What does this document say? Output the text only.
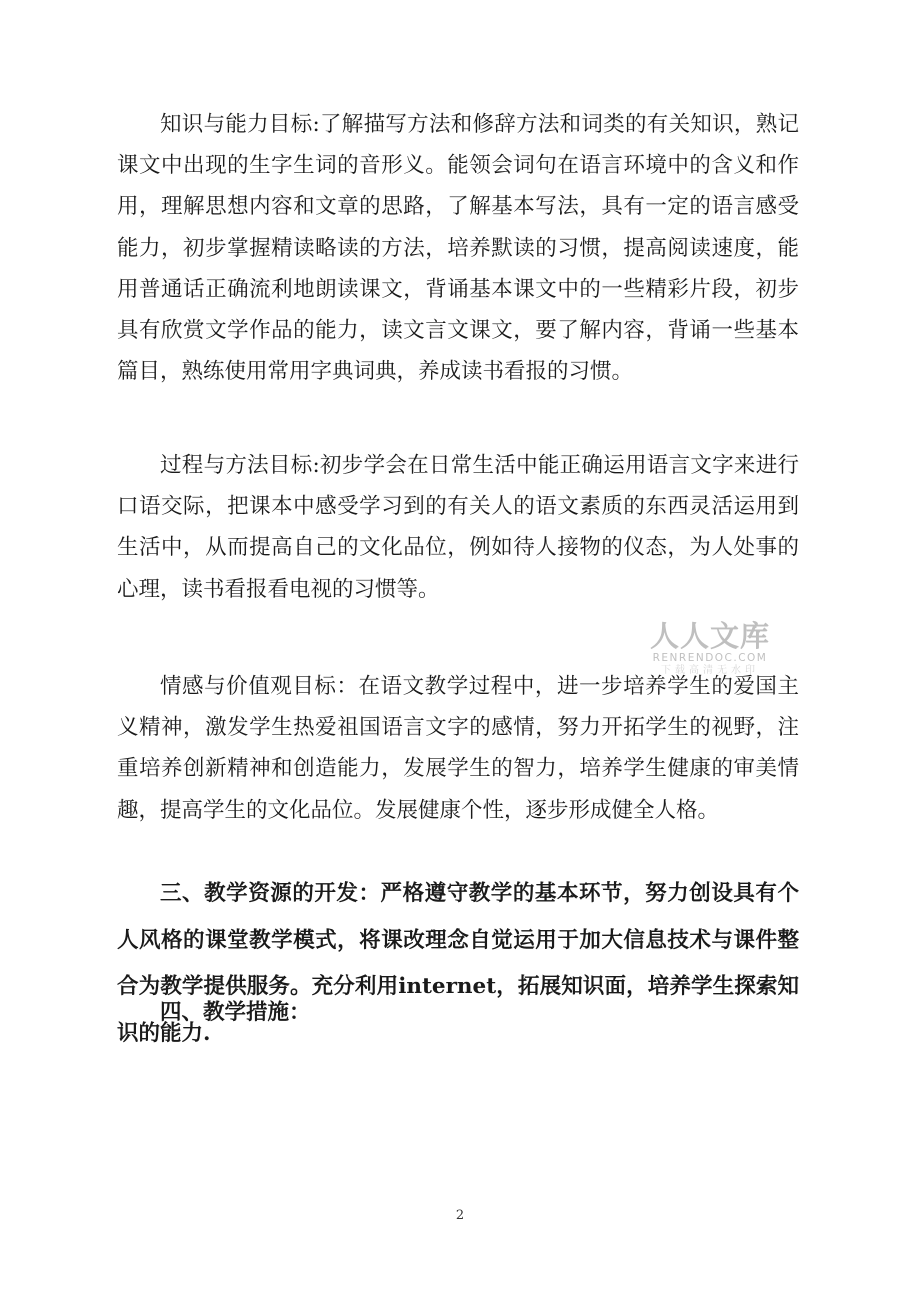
知识与能力目标:了解描写方法和修辞方法和词类的有关知识，熟记课文中出现的生字生词的音形义。能领会词句在语言环境中的含义和作用，理解思想内容和文章的思路，了解基本写法，具有一定的语言感受能力，初步掌握精读略读的方法，培养默读的习惯，提高阅读速度，能用普通话正确流利地朗读课文，背诵基本课文中的一些精彩片段，初步具有欣赏文学作品的能力，读文言文课文，要了解内容，背诵一些基本篇目，熟练使用常用字典词典，养成读书看报的习惯。

过程与方法目标:初步学会在日常生活中能正确运用语言文字来进行口语交际，把课本中感受学习到的有关人的语文素质的东西灵活运用到生活中，从而提高自己的文化品位，例如待人接物的仪态，为人处事的心理，读书看报看电视的习惯等。

情感与价值观目标：在语文教学过程中，进一步培养学生的爱国主义精神，激发学生热爱祖国语言文字的感情，努力开拓学生的视野，注重培养创新精神和创造能力，发展学生的智力，培养学生健康的审美情趣，提高学生的文化品位。发展健康个性，逐步形成健全人格。

三、教学资源的开发：严格遵守教学的基本环节，努力创设具有个人风格的课堂教学模式，将课改理念自觉运用于加大信息技术与课件整合为教学提供服务。充分利用internet，拓展知识面，培养学生探索知识的能力.

四、教学措施：

人人文库
RENRENDOC.COM
下载高清无水印
2
